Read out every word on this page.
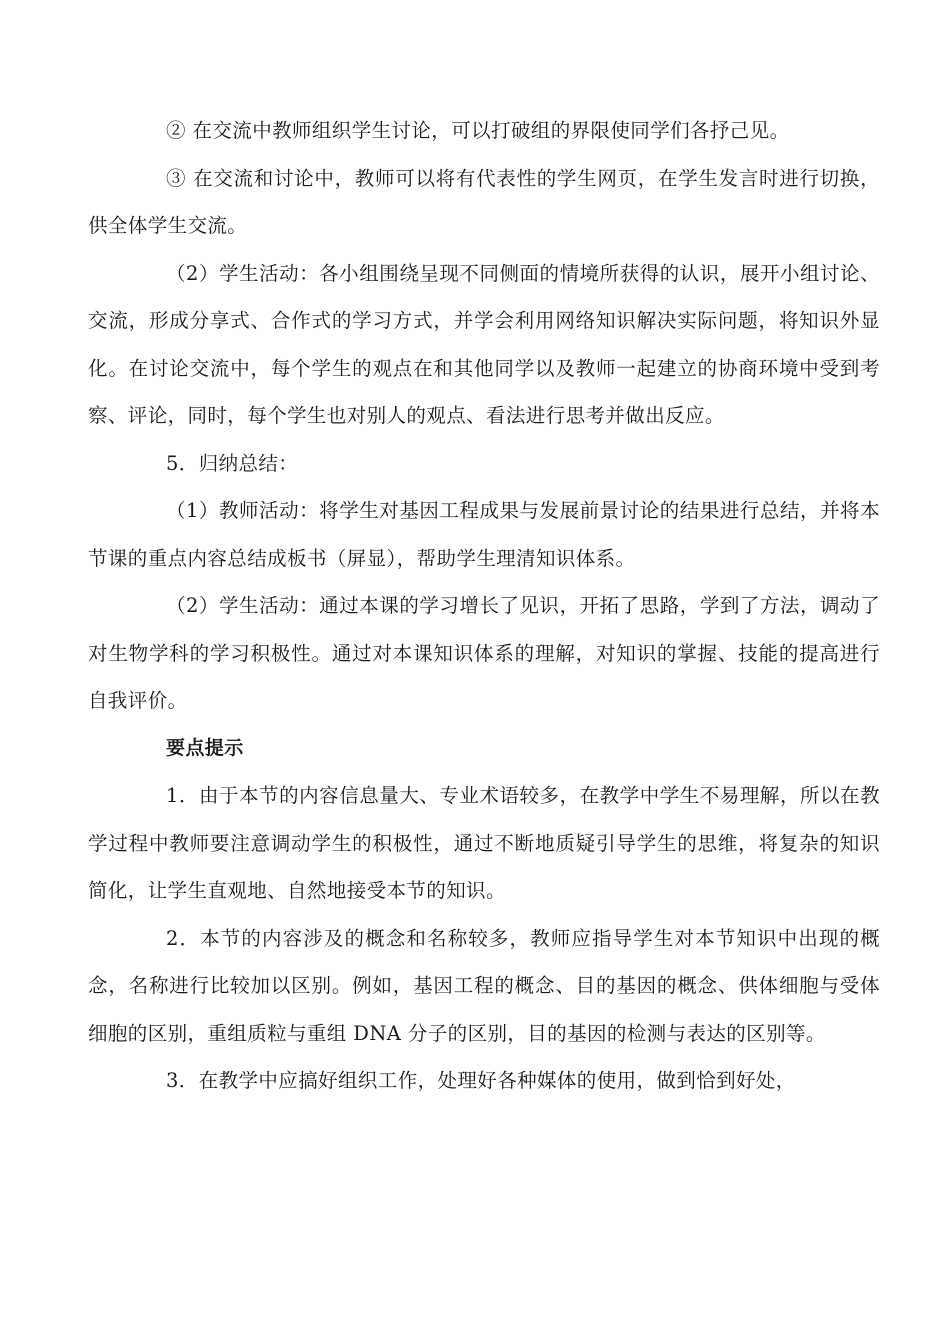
② 在交流中教师组织学生讨论，可以打破组的界限使同学们各抒己见。

③ 在交流和讨论中，教师可以将有代表性的学生网页，在学生发言时进行切换，供全体学生交流。

（2）学生活动：各小组围绕呈现不同侧面的情境所获得的认识，展开小组讨论、交流，形成分享式、合作式的学习方式，并学会利用网络知识解决实际问题，将知识外显化。在讨论交流中，每个学生的观点在和其他同学以及教师一起建立的协商环境中受到考察、评论，同时，每个学生也对别人的观点、看法进行思考并做出反应。

5．归纳总结：

（1）教师活动：将学生对基因工程成果与发展前景讨论的结果进行总结，并将本节课的重点内容总结成板书（屏显），帮助学生理清知识体系。

（2）学生活动：通过本课的学习增长了见识，开拓了思路，学到了方法，调动了对生物学科的学习积极性。通过对本课知识体系的理解，对知识的掌握、技能的提高进行自我评价。

要点提示

1．由于本节的内容信息量大、专业术语较多，在教学中学生不易理解，所以在教学过程中教师要注意调动学生的积极性，通过不断地质疑引导学生的思维，将复杂的知识简化，让学生直观地、自然地接受本节的知识。

2．本节的内容涉及的概念和名称较多，教师应指导学生对本节知识中出现的概念，名称进行比较加以区别。例如，基因工程的概念、目的基因的概念、供体细胞与受体细胞的区别，重组质粒与重组 DNA 分子的区别，目的基因的检测与表达的区别等。

3．在教学中应搞好组织工作，处理好各种媒体的使用，做到恰到好处，
